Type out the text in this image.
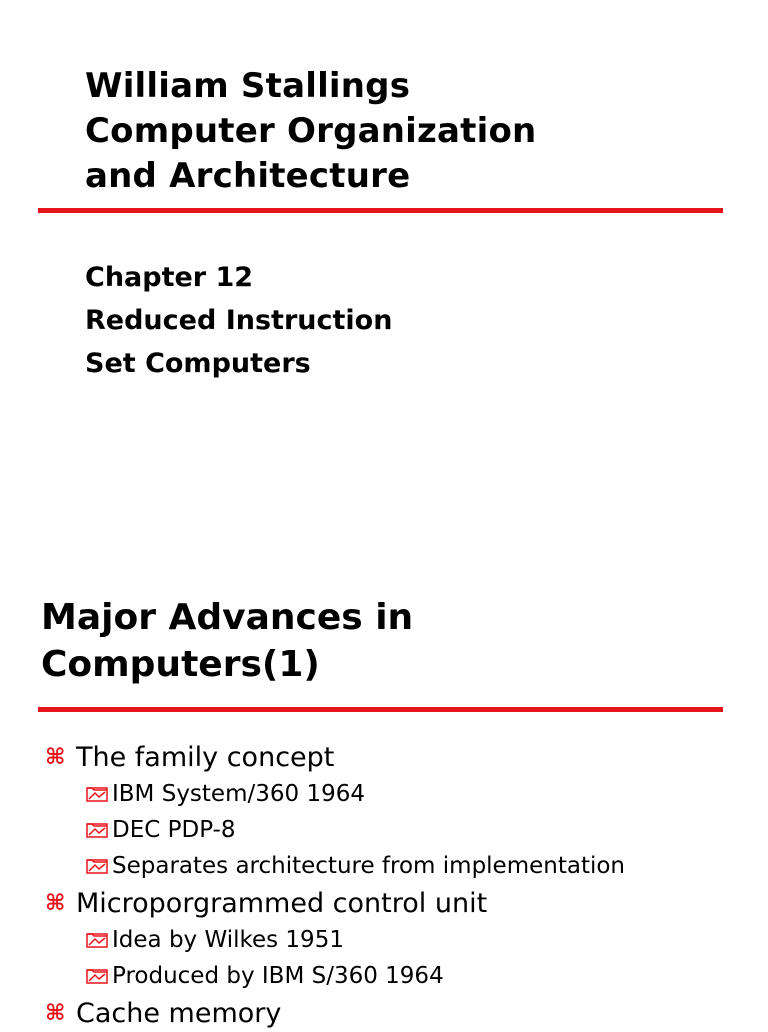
William Stallings
Computer Organization
and Architecture
Chapter 12
Reduced Instruction
Set Computers
Major Advances in
Computers(1)
⌘ The family concept
IBM System/360 1964
DEC PDP-8
Separates architecture from implementation
⌘ Microporgrammed control unit
Idea by Wilkes 1951
Produced by IBM S/360 1964
⌘ Cache memory
